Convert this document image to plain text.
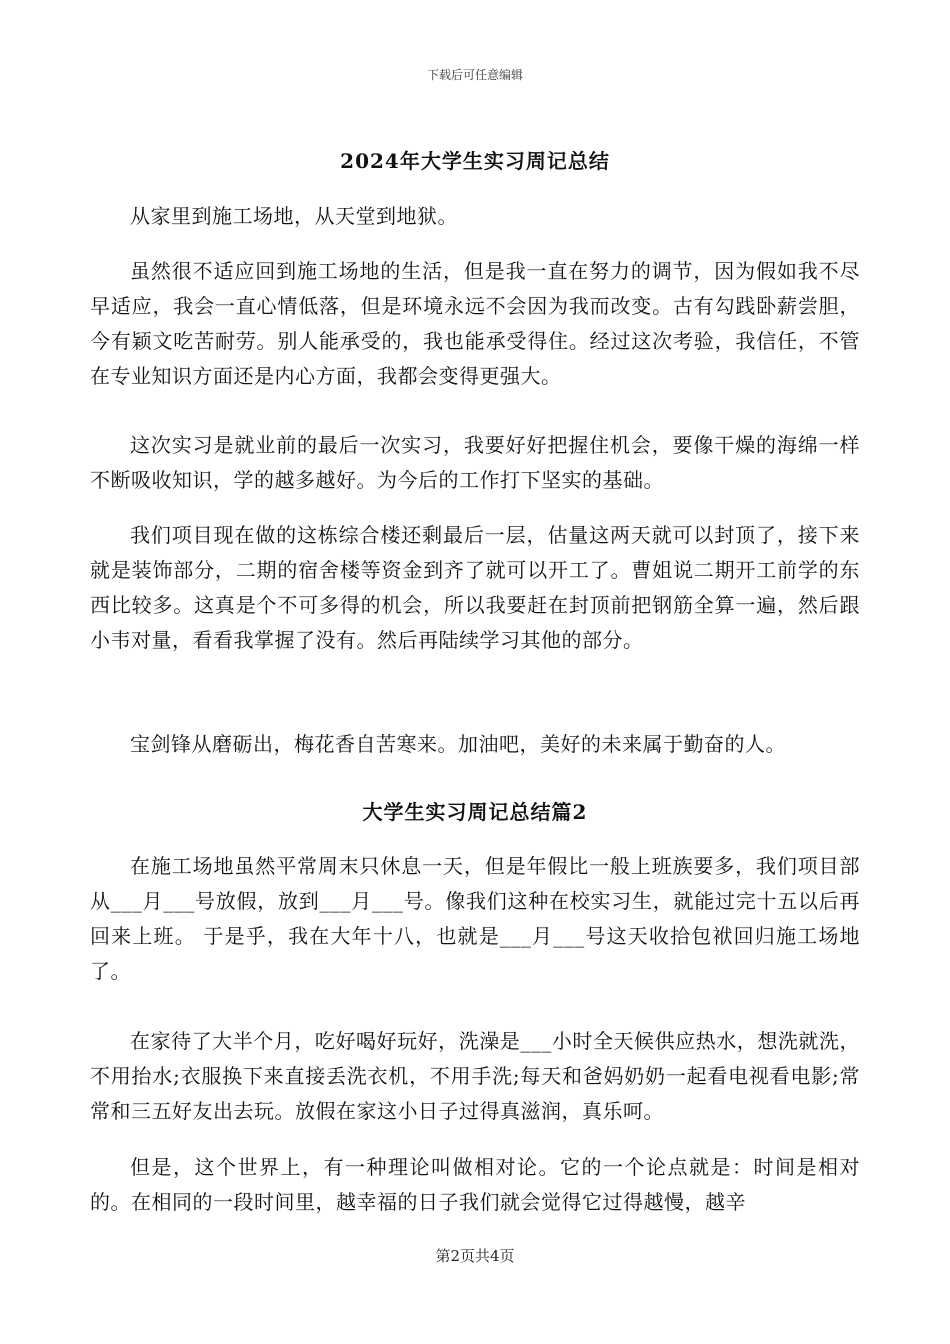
下载后可任意编辑
2024年大学生实习周记总结

从家里到施工场地，从天堂到地狱。

虽然很不适应回到施工场地的生活，但是我一直在努力的调节，因为假如我不尽早适应，我会一直心情低落，但是环境永远不会因为我而改变。古有勾践卧薪尝胆，今有颖文吃苦耐劳。别人能承受的，我也能承受得住。经过这次考验，我信任，不管在专业知识方面还是内心方面，我都会变得更强大。

这次实习是就业前的最后一次实习，我要好好把握住机会，要像干燥的海绵一样不断吸收知识，学的越多越好。为今后的工作打下坚实的基础。

我们项目现在做的这栋综合楼还剩最后一层，估量这两天就可以封顶了，接下来就是装饰部分，二期的宿舍楼等资金到齐了就可以开工了。曹姐说二期开工前学的东西比较多。这真是个不可多得的机会，所以我要赶在封顶前把钢筋全算一遍，然后跟小韦对量，看看我掌握了没有。然后再陆续学习其他的部分。

宝剑锋从磨砺出，梅花香自苦寒来。加油吧，美好的未来属于勤奋的人。

大学生实习周记总结篇2

在施工场地虽然平常周末只休息一天，但是年假比一般上班族要多，我们项目部从___月___号放假，放到___月___号。像我们这种在校实习生，就能过完十五以后再回来上班。 于是乎，我在大年十八，也就是___月___号这天收拾包袱回归施工场地了。

在家待了大半个月，吃好喝好玩好，洗澡是___小时全天候供应热水，想洗就洗，不用抬水;衣服换下来直接丢洗衣机，不用手洗;每天和爸妈奶奶一起看电视看电影;常常和三五好友出去玩。放假在家这小日子过得真滋润，真乐呵。

但是，这个世界上，有一种理论叫做相对论。它的一个论点就是：时间是相对的。在相同的一段时间里，越幸福的日子我们就会觉得它过得越慢，越辛

第2页共4页
